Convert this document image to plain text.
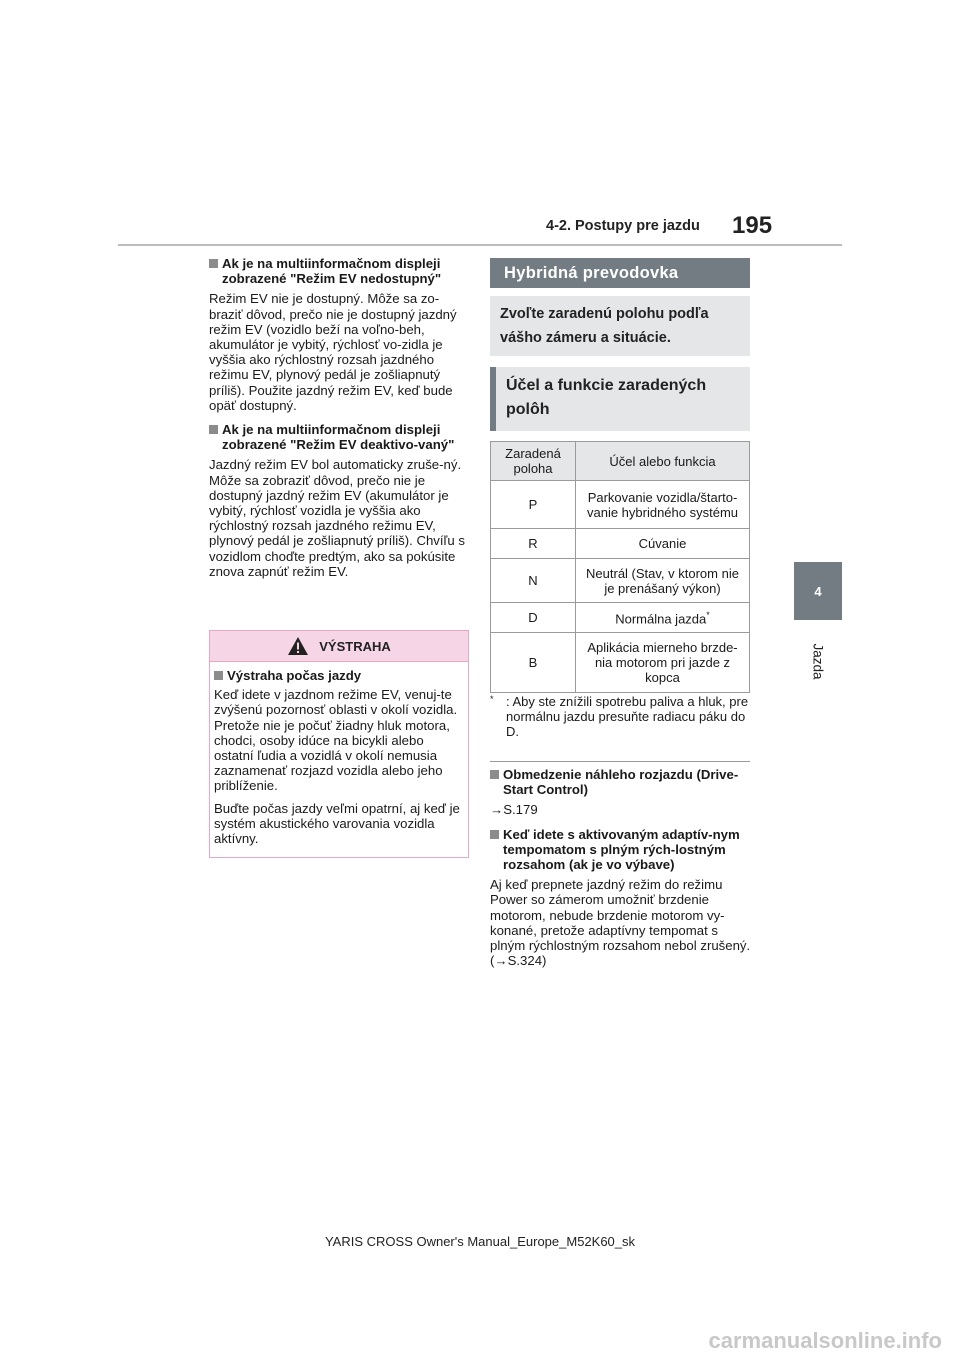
4-2. Postupy pre jazdu 195
4
Jazda
Ak je na multiinformačnom displeji zobrazené "Režim EV nedostupný"

Režim EV nie je dostupný. Môže sa zo-braziť dôvod, prečo nie je dostupný jazdný režim EV (vozidlo beží na voľno-beh, akumulátor je vybitý, rýchlosť vo-zidla je vyššia ako rýchlostný rozsah jazdného režimu EV, plynový pedál je zošliapnutý príliš). Použite jazdný režim EV, keď bude opäť dostupný.

Ak je na multiinformačnom displeji zobrazené "Režim EV deaktivo-vaný"

Jazdný režim EV bol automaticky zruše-ný. Môže sa zobraziť dôvod, prečo nie je dostupný jazdný režim EV (akumulátor je vybitý, rýchlosť vozidla je vyššia ako rýchlostný rozsah jazdného režimu EV, plynový pedál je zošliapnutý príliš). Chvíľu s vozidlom choďte predtým, ako sa pokúsite znova zapnúť režim EV.

VÝSTRAHA
Výstraha počas jazdy

Keď idete v jazdnom režime EV, venuj-te zvýšenú pozornosť oblasti v okolí vozidla. Pretože nie je počuť žiadny hluk motora, chodci, osoby idúce na bicykli alebo ostatní ľudia a vozidlá v okolí nemusia zaznamenať rozjazd vozidla alebo jeho priblíženie.

Buďte počas jazdy veľmi opatrní, aj keď je systém akustického varovania vozidla aktívny.

Hybridná prevodovka
Zvoľte zaradenú polohu podľa vášho zámeru a situácie.
Účel a funkcie zaradených polôh
Zaradená poloha	Účel alebo funkcia
P	Parkovanie vozidla/štarto-vanie hybridného systému
R	Cúvanie
N	Neutrál (Stav, v ktorom nie je prenášaný výkon)
D	Normálna jazda*
B	Aplikácia mierneho brzde-nia motorom pri jazde z kopca
* : Aby ste znížili spotrebu paliva a hluk, pre normálnu jazdu presuňte radiacu páku do D.
Obmedzenie náhleho rozjazdu (Drive-Start Control)

→S.179

Keď idete s aktivovaným adaptív-nym tempomatom s plným rých-lostným rozsahom (ak je vo výbave)

Aj keď prepnete jazdný režim do režimu Power so zámerom umožniť brzdenie motorom, nebude brzdenie motorom vy-konané, pretože adaptívny tempomat s plným rýchlostným rozsahom nebol zrušený. (→S.324)

YARIS CROSS Owner's Manual_Europe_M52K60_sk
carmanualsonline.info
